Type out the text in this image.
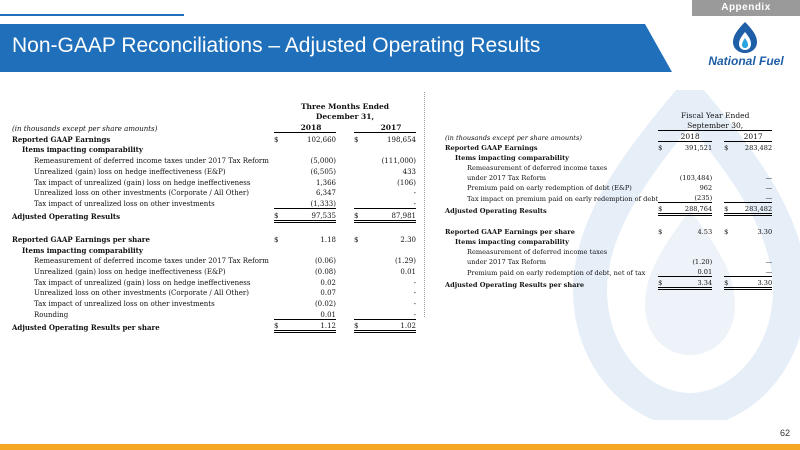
Appendix
Non-GAAP Reconciliations – Adjusted Operating Results
National Fuel
	Three Months Ended				
	December 31,				
(in thousands except per share amounts)		2018			2017
Reported GAAP Earnings	$	102,660		$	198,654
Items impacting comparability					
Remeasurement of deferred income taxes under 2017 Tax Reform		(5,000)			(111,000)
Unrealized (gain) loss on hedge ineffectiveness (E&P)		(6,505)			433
Tax impact of unrealized (gain) loss on hedge ineffectiveness		1,366			(106)
Unrealized loss on other investments (Corporate / All Other)		6,347			-
Tax impact of unrealized loss on other investments		(1,333)			-
Adjusted Operating Results	$	97,535		$	87,981

Reported GAAP Earnings per share	$	1.18		$	2.30
Items impacting comparability					
Remeasurement of deferred income taxes under 2017 Tax Reform		(0.06)			(1.29)
Unrealized (gain) loss on hedge ineffectiveness (E&P)		(0.08)			0.01
Tax impact of unrealized (gain) loss on hedge ineffectiveness		0.02			-
Unrealized loss on other investments (Corporate / All Other)		0.07			-
Tax impact of unrealized loss on other investments		(0.02)			-
Rounding		0.01			-
Adjusted Operating Results per share	$	1.12		$	1.02
	Fiscal Year Ended				
	September 30,				
(in thousands except per share amounts)		2018			2017
Reported GAAP Earnings	$	391,521		$	283,482
Items impacting comparability					
Remeasurement of deferred income taxes					
under 2017 Tax Reform		(103,484)			—
Premium paid on early redemption of debt (E&P)		962			—
Tax impact on premium paid on early redemption of debt		(235)			—
Adjusted Operating Results	$	288,764		$	283,482

Reported GAAP Earnings per share	$	4.53		$	3.30
Items impacting comparability					
Remeasurement of deferred income taxes					
under 2017 Tax Reform		(1.20)			—
Premium paid on early redemption of debt, net of tax		0.01			—
Adjusted Operating Results per share	$	3.34		$	3.30
62
